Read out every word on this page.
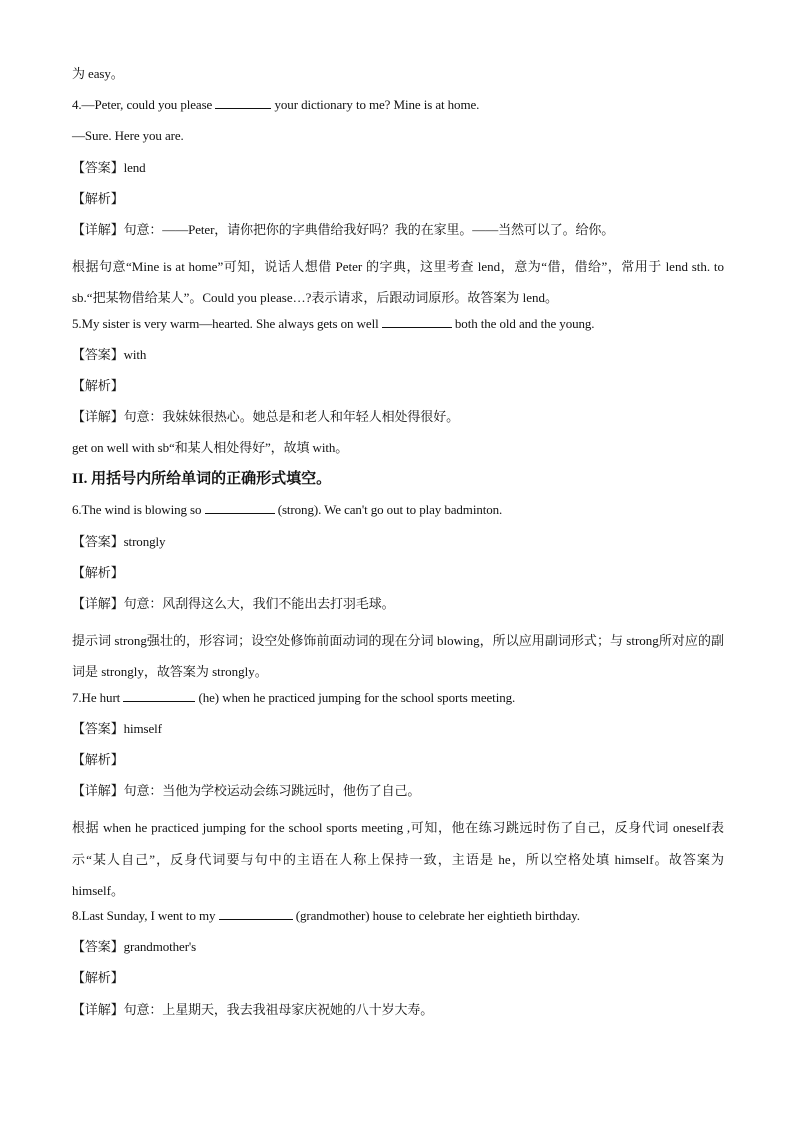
为 easy。
4.—Peter, could you please	your dictionary to me? Mine is at home.
—Sure. Here you are.
【答案】lend
【解析】
【详解】句意：——Peter，请你把你的字典借给我好吗？我的在家里。——当然可以了。给你。
根据句意“Mine is at home”可知，说话人想借 Peter 的字典，这里考查 lend，意为“借，借给”，常用于 lend sth. to sb.“把某物借给某人”。Could you please…?表示请求，后跟动词原形。故答案为 lend。
5.My sister is very warm—hearted. She always gets on well	both the old and the young.
【答案】with
【解析】
【详解】句意：我妹妹很热心。她总是和老人和年轻人相处得很好。
get on well with sb“和某人相处得好”，故填 with。
II. 用括号内所给单词的正确形式填空。
6.The wind is blowing so	(strong). We can't go out to play badminton.
【答案】strongly
【解析】
【详解】句意：风刮得这么大，我们不能出去打羽毛球。
提示词 strong强壮的，形容词；设空处修饰前面动词的现在分词 blowing，所以应用副词形式；与 strong所对应的副词是 strongly，故答案为 strongly。
7.He hurt	(he) when he practiced jumping for the school sports meeting.
【答案】himself
【解析】
【详解】句意：当他为学校运动会练习跳远时，他伤了自己。
根据 when he practiced jumping for the school sports meeting ,可知，他在练习跳远时伤了自己，反身代词 oneself表示“某人自己”，反身代词要与句中的主语在人称上保持一致，主语是 he，所以空格处填 himself。故答案为 himself。
8.Last Sunday, I went to my	(grandmother) house to celebrate her eightieth birthday.
【答案】grandmother's
【解析】
【详解】句意：上星期天，我去我祖母家庆祝她的八十岁大寿。
